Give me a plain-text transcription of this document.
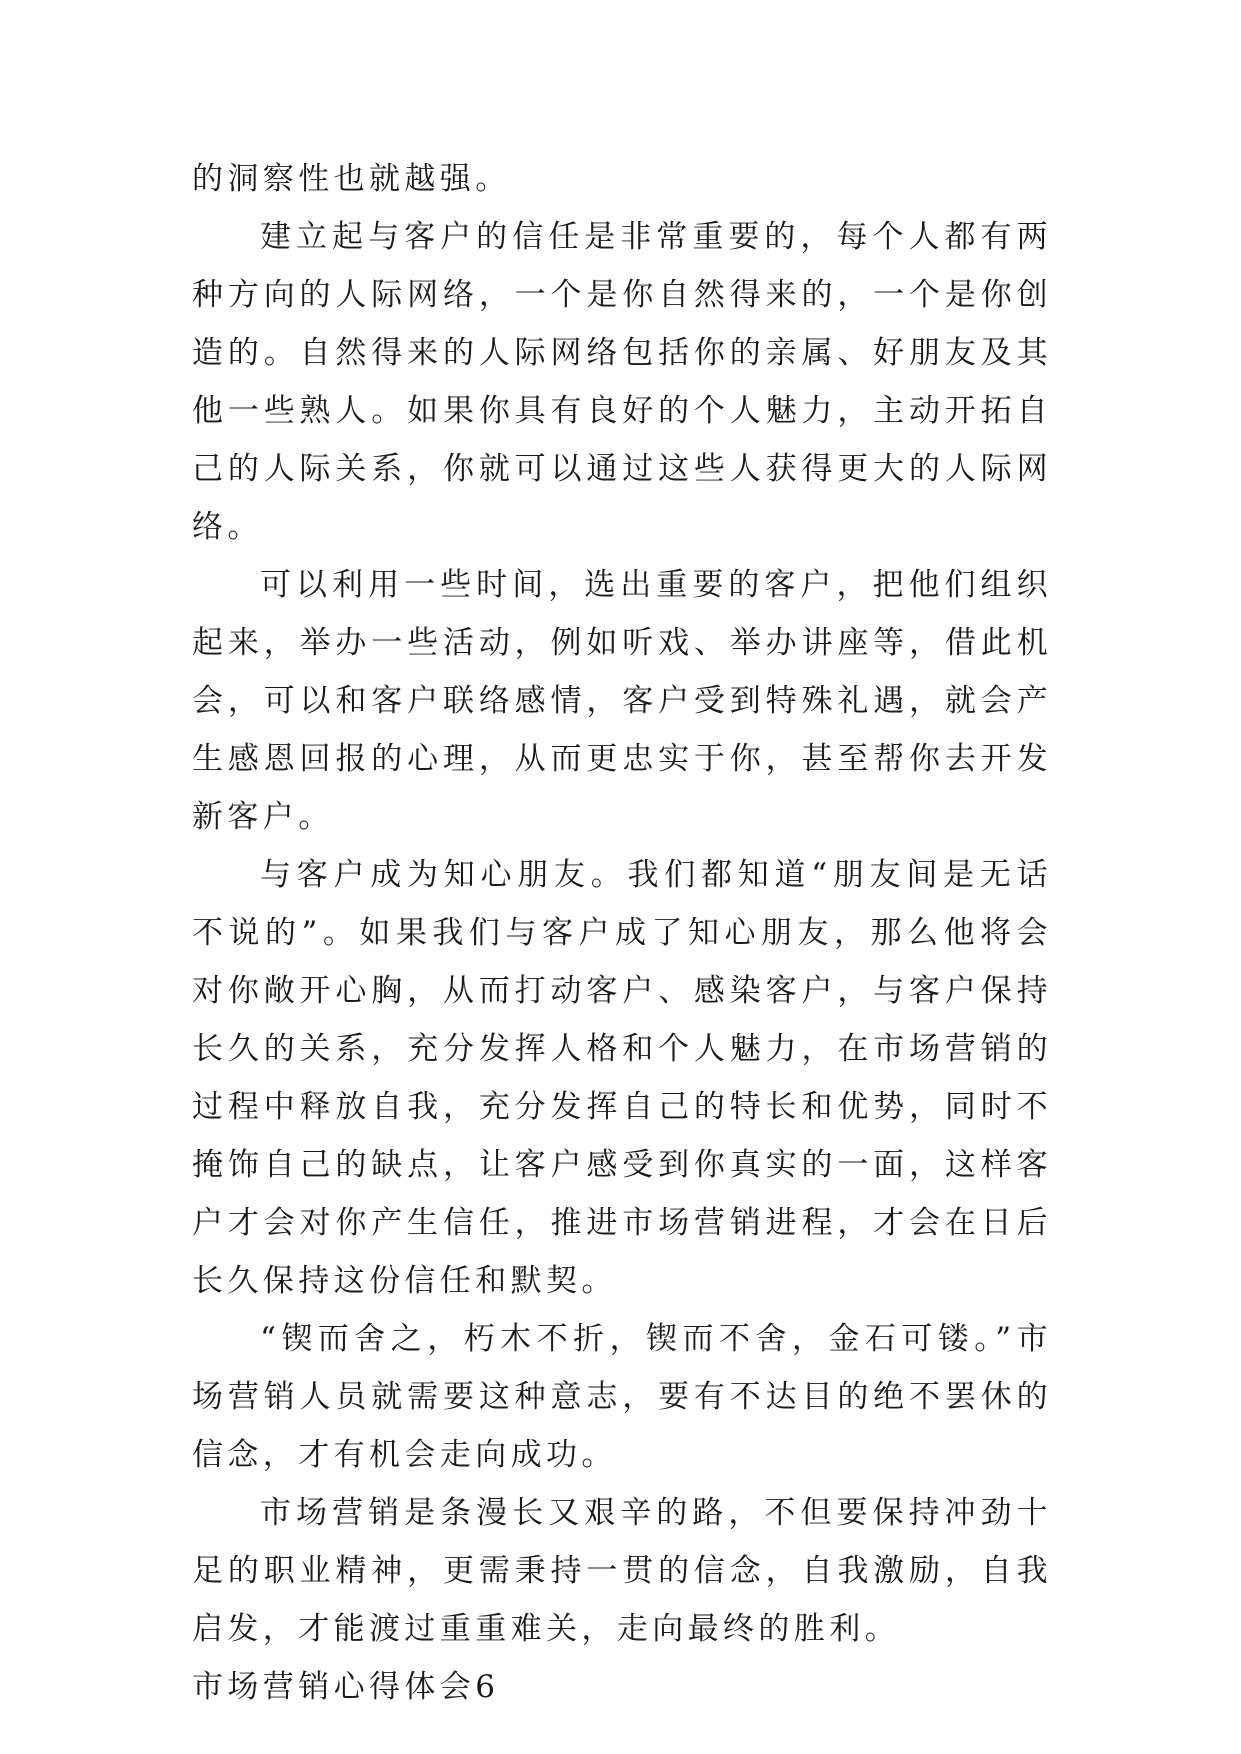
的洞察性也就越强。

建立起与客户的信任是非常重要的，每个人都有两种方向的人际网络，一个是你自然得来的，一个是你创造的。自然得来的人际网络包括你的亲属、好朋友及其他一些熟人。如果你具有良好的个人魅力，主动开拓自己的人际关系，你就可以通过这些人获得更大的人际网络。

可以利用一些时间，选出重要的客户，把他们组织起来，举办一些活动，例如听戏、举办讲座等，借此机会，可以和客户联络感情，客户受到特殊礼遇，就会产生感恩回报的心理，从而更忠实于你，甚至帮你去开发新客户。

与客户成为知心朋友。我们都知道“朋友间是无话不说的”。如果我们与客户成了知心朋友，那么他将会对你敞开心胸，从而打动客户、感染客户，与客户保持长久的关系，充分发挥人格和个人魅力，在市场营销的过程中释放自我，充分发挥自己的特长和优势，同时不掩饰自己的缺点，让客户感受到你真实的一面，这样客户才会对你产生信任，推进市场营销进程，才会在日后长久保持这份信任和默契。

“锲而舍之，朽木不折，锲而不舍，金石可镂。”市场营销人员就需要这种意志，要有不达目的绝不罢休的信念，才有机会走向成功。

市场营销是条漫长又艰辛的路，不但要保持冲劲十足的职业精神，更需秉持一贯的信念，自我激励，自我启发，才能渡过重重难关，走向最终的胜利。

市场营销心得体会6
